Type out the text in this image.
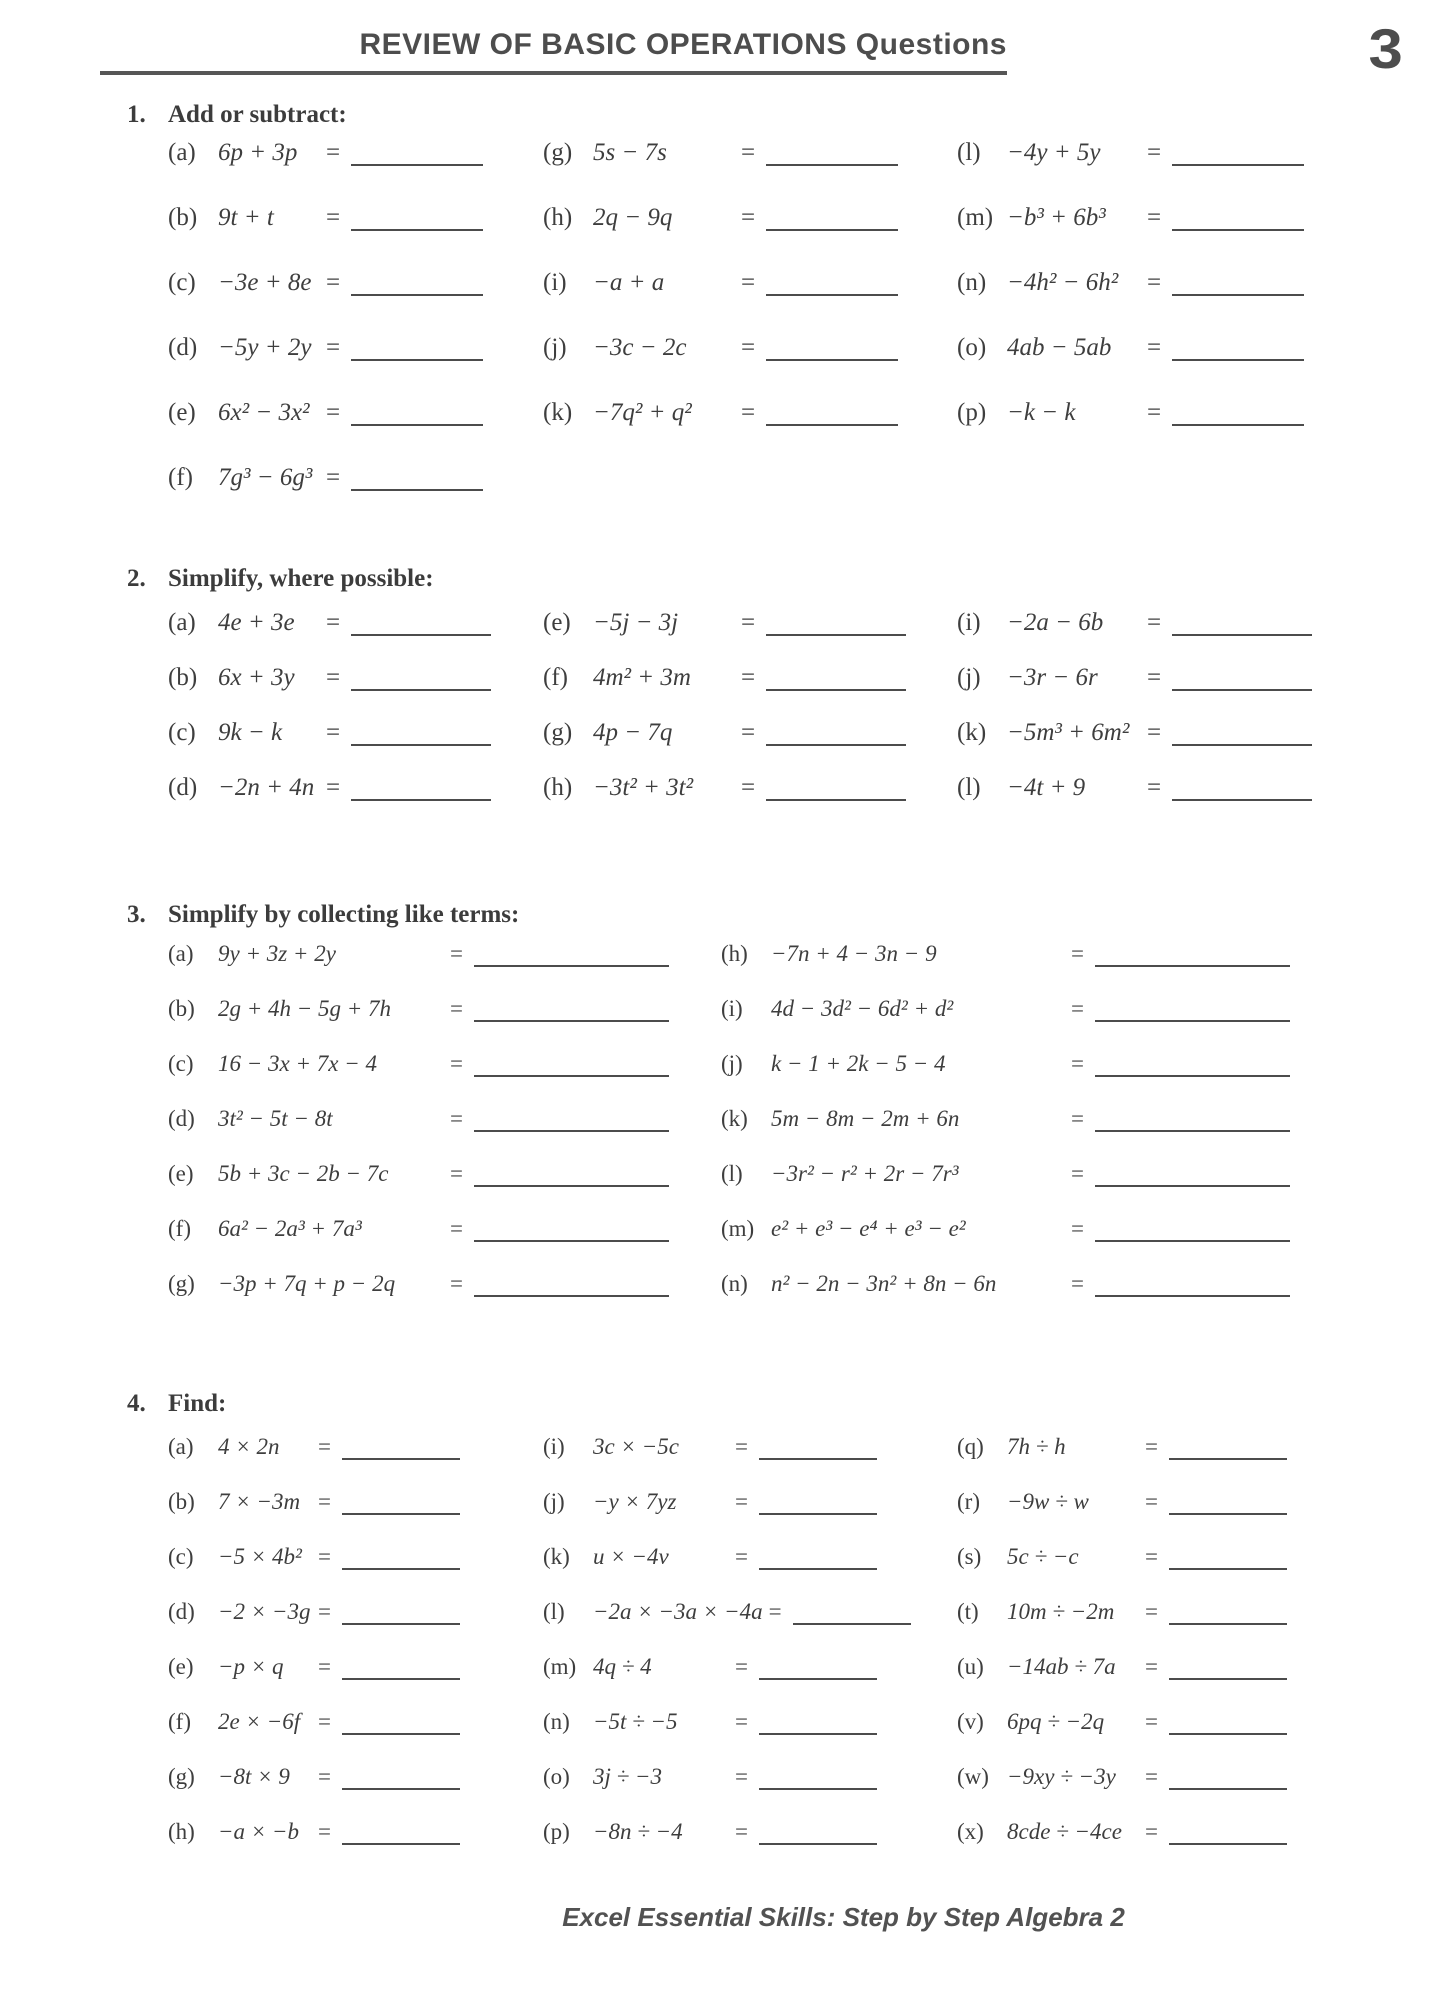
REVIEW OF BASIC OPERATIONS Questions	3
1. Add or subtract:
(a) 6p + 3p	=
(b) 9t + t	=
(c) −3e + 8e =
(d) −5y + 2y =
(e) 6x² − 3x² =
(f)	7g³ − 6g³ =
(g) 5s − 7s	=
(h) 2q − 9q	=
(i)	−a + a	=
(j)	−3c − 2c	=
(k) −7q² + q²	=
(l)	−4y + 5y	=
(m) −b³ + 6b³	=
(n) −4h² − 6h²	=
(o) 4ab − 5ab	=
(p) −k − k	=
2. Simplify, where possible:
(a) 4e + 3e	=
(b) 6x + 3y	=
(c) 9k − k	=
(d) −2n + 4n =
(e) −5j − 3j	=
(f)	4m² + 3m	=
(g) 4p − 7q	=
(h) −3t² + 3t²	=
(i)	−2a − 6b	=
(j)	−3r − 6r	=
(k) −5m³ + 6m² =
(l)	−4t + 9	=
3. Simplify by collecting like terms:
(a)	9y + 3z + 2y	=
(b)	2g + 4h − 5g + 7h	=
(c)	16 − 3x + 7x − 4	=
(d)	3t² − 5t − 8t	=
(e)	5b + 3c − 2b − 7c	=
(f)	6a² − 2a³ + 7a³	=
(g)	−3p + 7q + p − 2q	=
(h)	−7n + 4 − 3n − 9	=
(i)	4d − 3d² − 6d² + d²	=
(j)	k − 1 + 2k − 5 − 4	=
(k)	5m − 8m − 2m + 6n	=
(l)	−3r² − r² + 2r − 7r³	=
(m) e² + e³ − e⁴ + e³ − e²	=
(n)	n² − 2n − 3n² + 8n − 6n	=
4. Find:
(a)	4 × 2n	=
(b)	7 × −3m =
(c)	−5 × 4b² =
(d)	−2 × −3g =
(e)	−p × q	=
(f)	2e × −6f =
(g)	−8t × 9	=
(h)	−a × −b =
(i)	3c × −5c	=
(j)	−y × 7yz	=
(k)	u × −4v	=
(l)	−2a × −3a × −4a =
(m) 4q ÷ 4	=
(n)	−5t ÷ −5	=
(o)	3j ÷ −3	=
(p)	−8n ÷ −4	=
(q)	7h ÷ h	=
(r)	−9w ÷ w	=
(s)	5c ÷ −c	=
(t)	10m ÷ −2m	=
(u)	−14ab ÷ 7a	=
(v)	6pq ÷ −2q	=
(w) −9xy ÷ −3y	=
(x)	8cde ÷ −4ce	=
Excel Essential Skills: Step by Step Algebra 2
